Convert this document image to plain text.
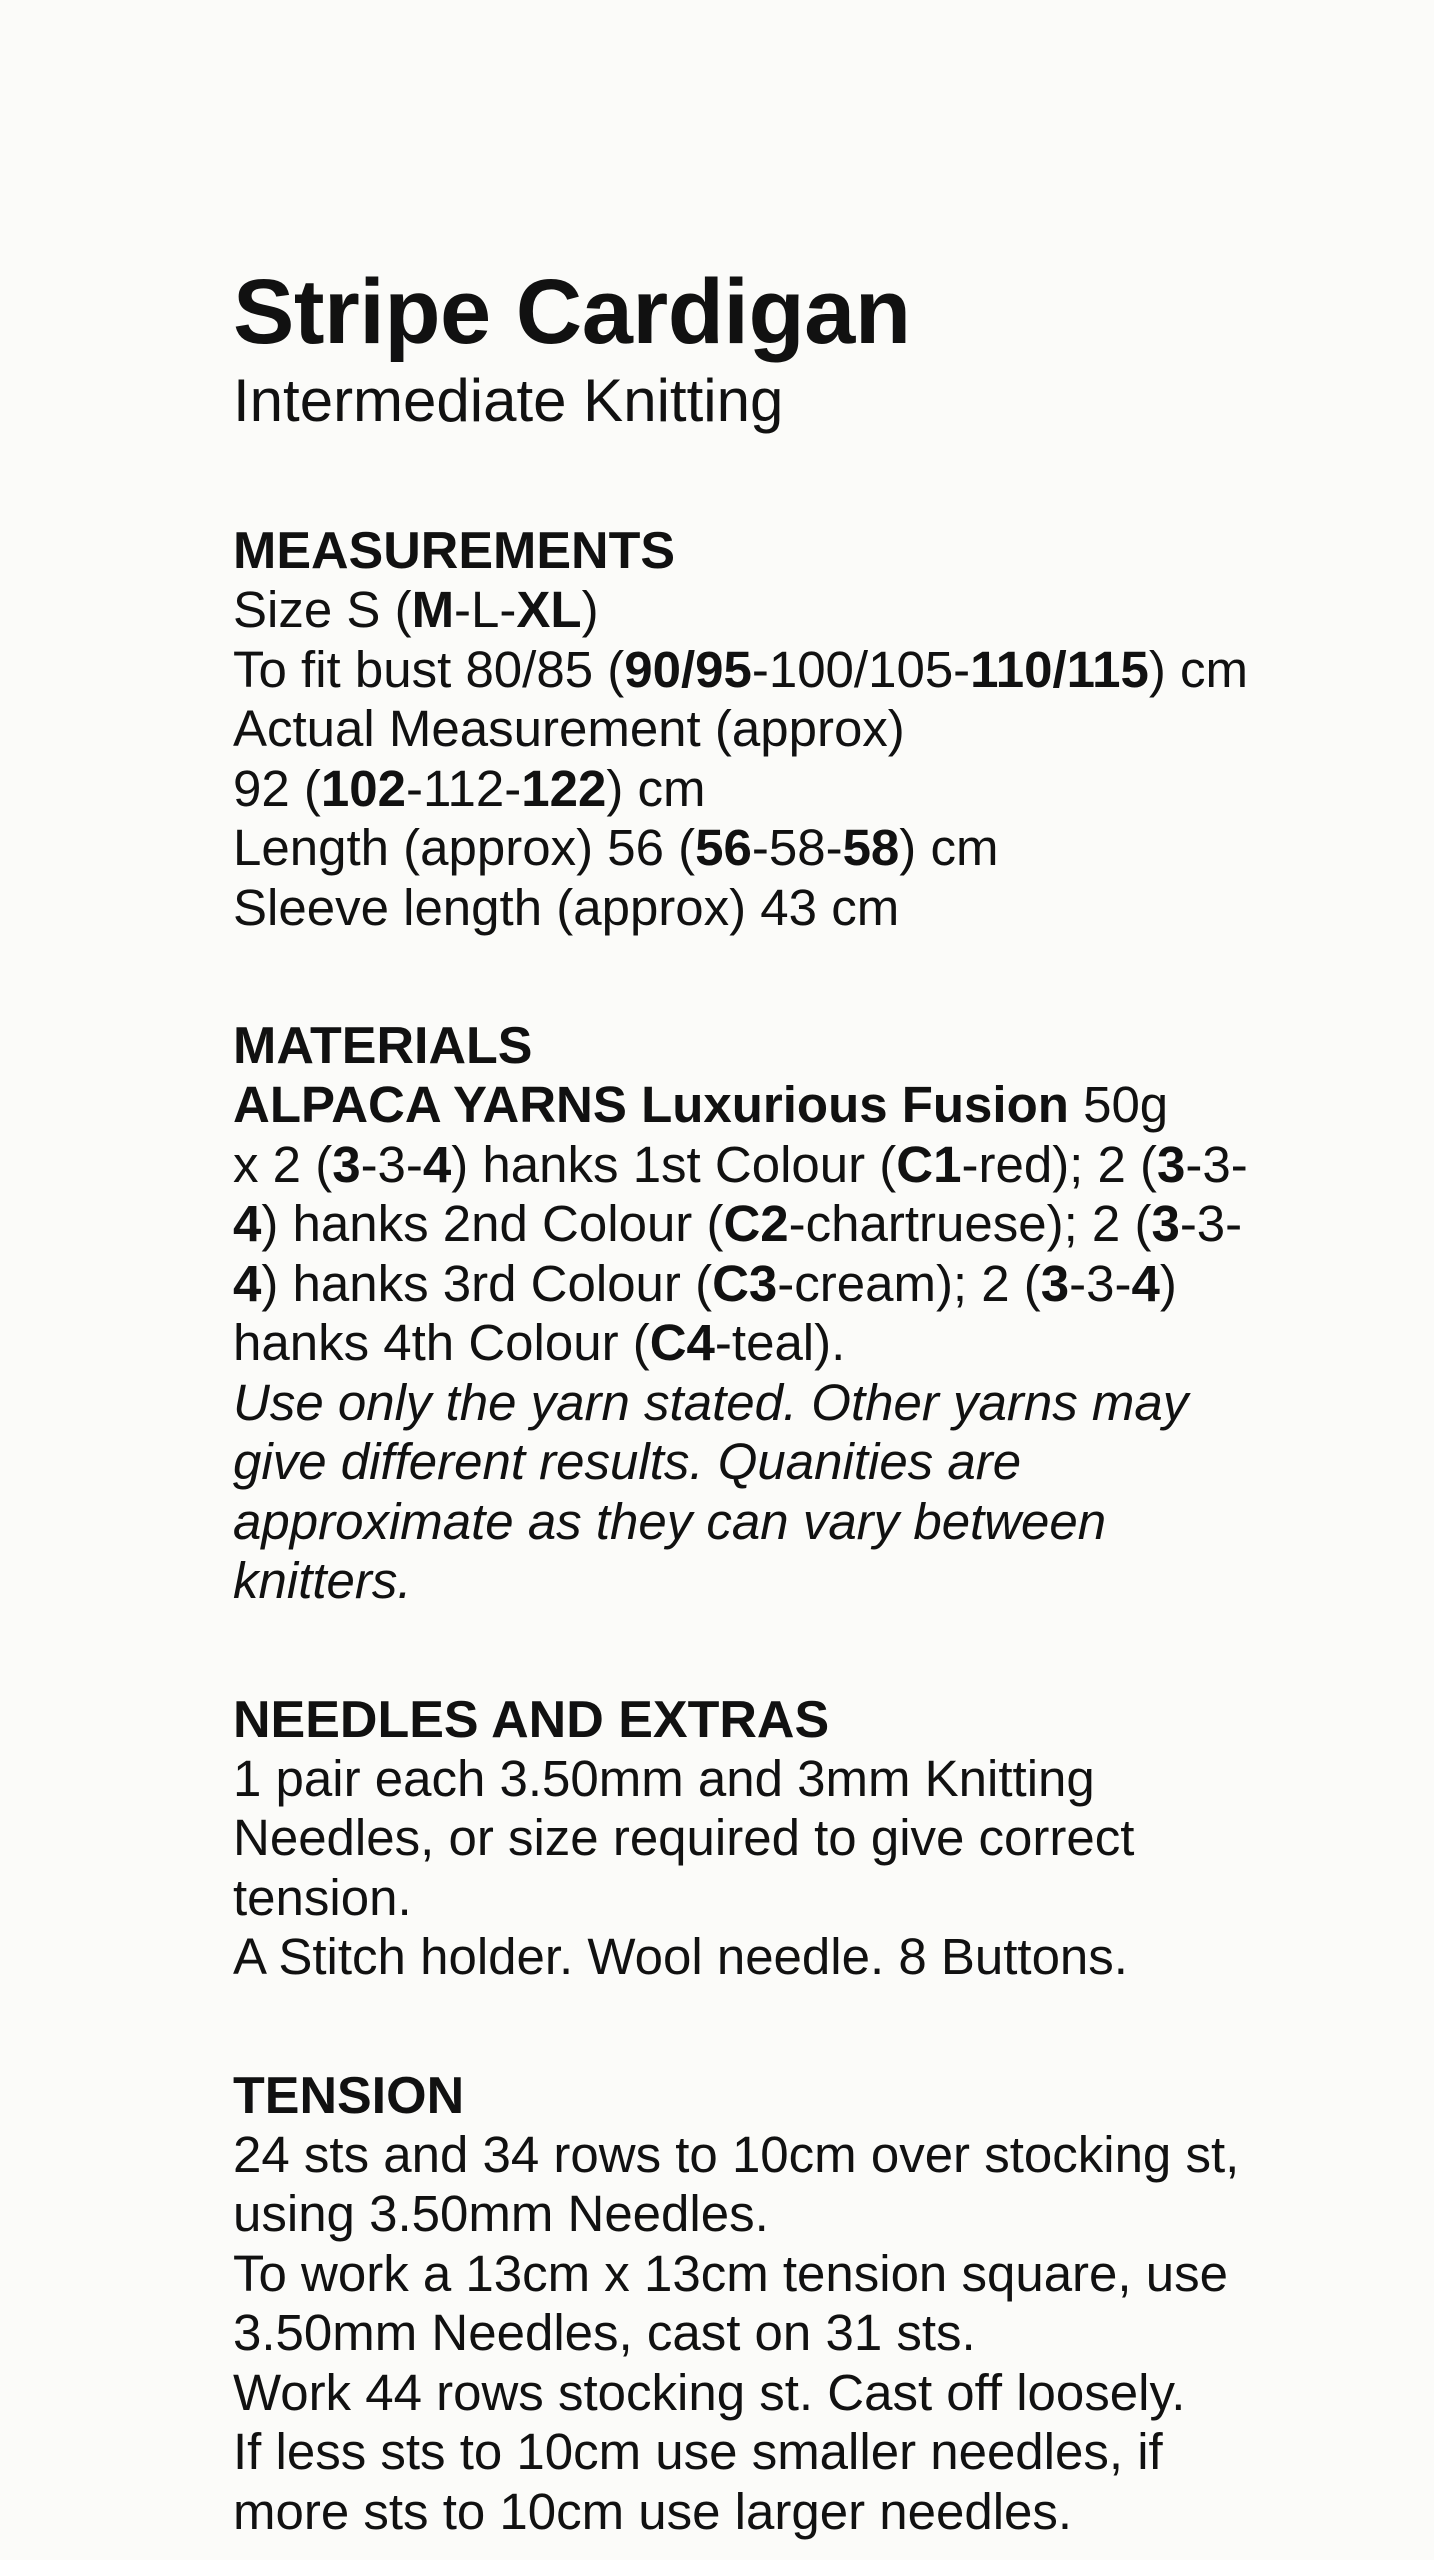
Stripe Cardigan
Intermediate Knitting
MEASUREMENTS
Size S (M-L-XL)
To fit bust 80/85 (90/95-100/105-110/115) cm
Actual Measurement (approx)
92 (102-112-122) cm
Length (approx) 56 (56-58-58) cm
Sleeve length (approx) 43 cm
MATERIALS
ALPACA YARNS Luxurious Fusion 50g
x 2 (3-3-4) hanks 1st Colour (C1-red); 2 (3-3-
4) hanks 2nd Colour (C2-chartruese); 2 (3-3-
4) hanks 3rd Colour (C3-cream); 2 (3-3-4)
hanks 4th Colour (C4-teal).
Use only the yarn stated. Other yarns may
give different results. Quanities are
approximate as they can vary between
knitters.
NEEDLES AND EXTRAS
1 pair each 3.50mm and 3mm Knitting
Needles, or size required to give correct
tension.
A Stitch holder. Wool needle. 8 Buttons.
TENSION
24 sts and 34 rows to 10cm over stocking st,
using 3.50mm Needles.
To work a 13cm x 13cm tension square, use
3.50mm Needles, cast on 31 sts.
Work 44 rows stocking st. Cast off loosely.
If less sts to 10cm use smaller needles, if
more sts to 10cm use larger needles.
